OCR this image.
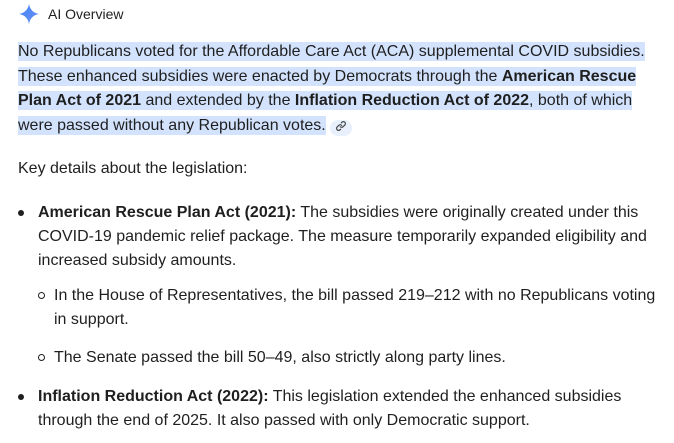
AI Overview
No Republicans voted for the Affordable Care Act (ACA) supplemental COVID subsidies. These enhanced subsidies were enacted by Democrats through the American Rescue Plan Act of 2021 and extended by the Inflation Reduction Act of 2022, both of which were passed without any Republican votes.
Key details about the legislation:
American Rescue Plan Act (2021): The subsidies were originally created under this COVID-19 pandemic relief package. The measure temporarily expanded eligibility and increased subsidy amounts.
In the House of Representatives, the bill passed 219–212 with no Republicans voting in support.
The Senate passed the bill 50–49, also strictly along party lines.
Inflation Reduction Act (2022): This legislation extended the enhanced subsidies through the end of 2025. It also passed with only Democratic support.
